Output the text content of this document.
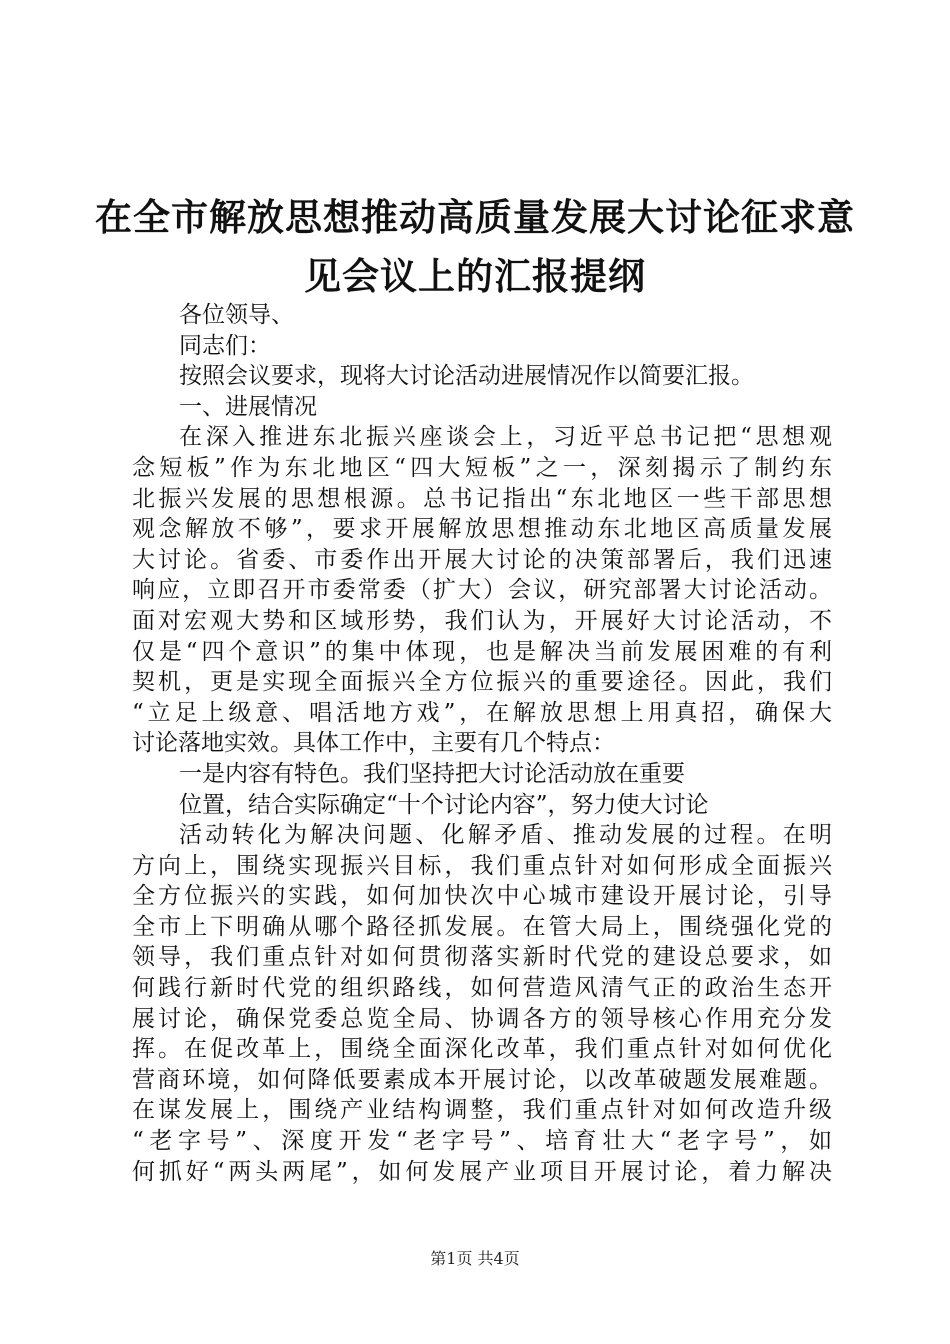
在全市解放思想推动高质量发展大讨论征求意
见会议上的汇报提纲
各位领导、
同志们：
按照会议要求，现将大讨论活动进展情况作以简要汇报。
一、进展情况
在深入推进东北振兴座谈会上，习近平总书记把“思想观
念短板”作为东北地区“四大短板”之一，深刻揭示了制约东
北振兴发展的思想根源。总书记指出“东北地区一些干部思想
观念解放不够”，要求开展解放思想推动东北地区高质量发展
大讨论。省委、市委作出开展大讨论的决策部署后，我们迅速
响应，立即召开市委常委（扩大）会议，研究部署大讨论活动。
面对宏观大势和区域形势，我们认为，开展好大讨论活动，不
仅是“四个意识”的集中体现，也是解决当前发展困难的有利
契机，更是实现全面振兴全方位振兴的重要途径。因此，我们
“立足上级意、唱活地方戏”，在解放思想上用真招，确保大
讨论落地实效。具体工作中，主要有几个特点：
一是内容有特色。我们坚持把大讨论活动放在重要
位置，结合实际确定“十个讨论内容”，努力使大讨论
活动转化为解决问题、化解矛盾、推动发展的过程。在明
方向上，围绕实现振兴目标，我们重点针对如何形成全面振兴
全方位振兴的实践，如何加快次中心城市建设开展讨论，引导
全市上下明确从哪个路径抓发展。在管大局上，围绕强化党的
领导，我们重点针对如何贯彻落实新时代党的建设总要求，如
何践行新时代党的组织路线，如何营造风清气正的政治生态开
展讨论，确保党委总览全局、协调各方的领导核心作用充分发
挥。在促改革上，围绕全面深化改革，我们重点针对如何优化
营商环境，如何降低要素成本开展讨论，以改革破题发展难题。
在谋发展上，围绕产业结构调整，我们重点针对如何改造升级
“老字号”、深度开发“老字号”、培育壮大“老字号”，如
何抓好“两头两尾”，如何发展产业项目开展讨论，着力解决
第1页 共4页
